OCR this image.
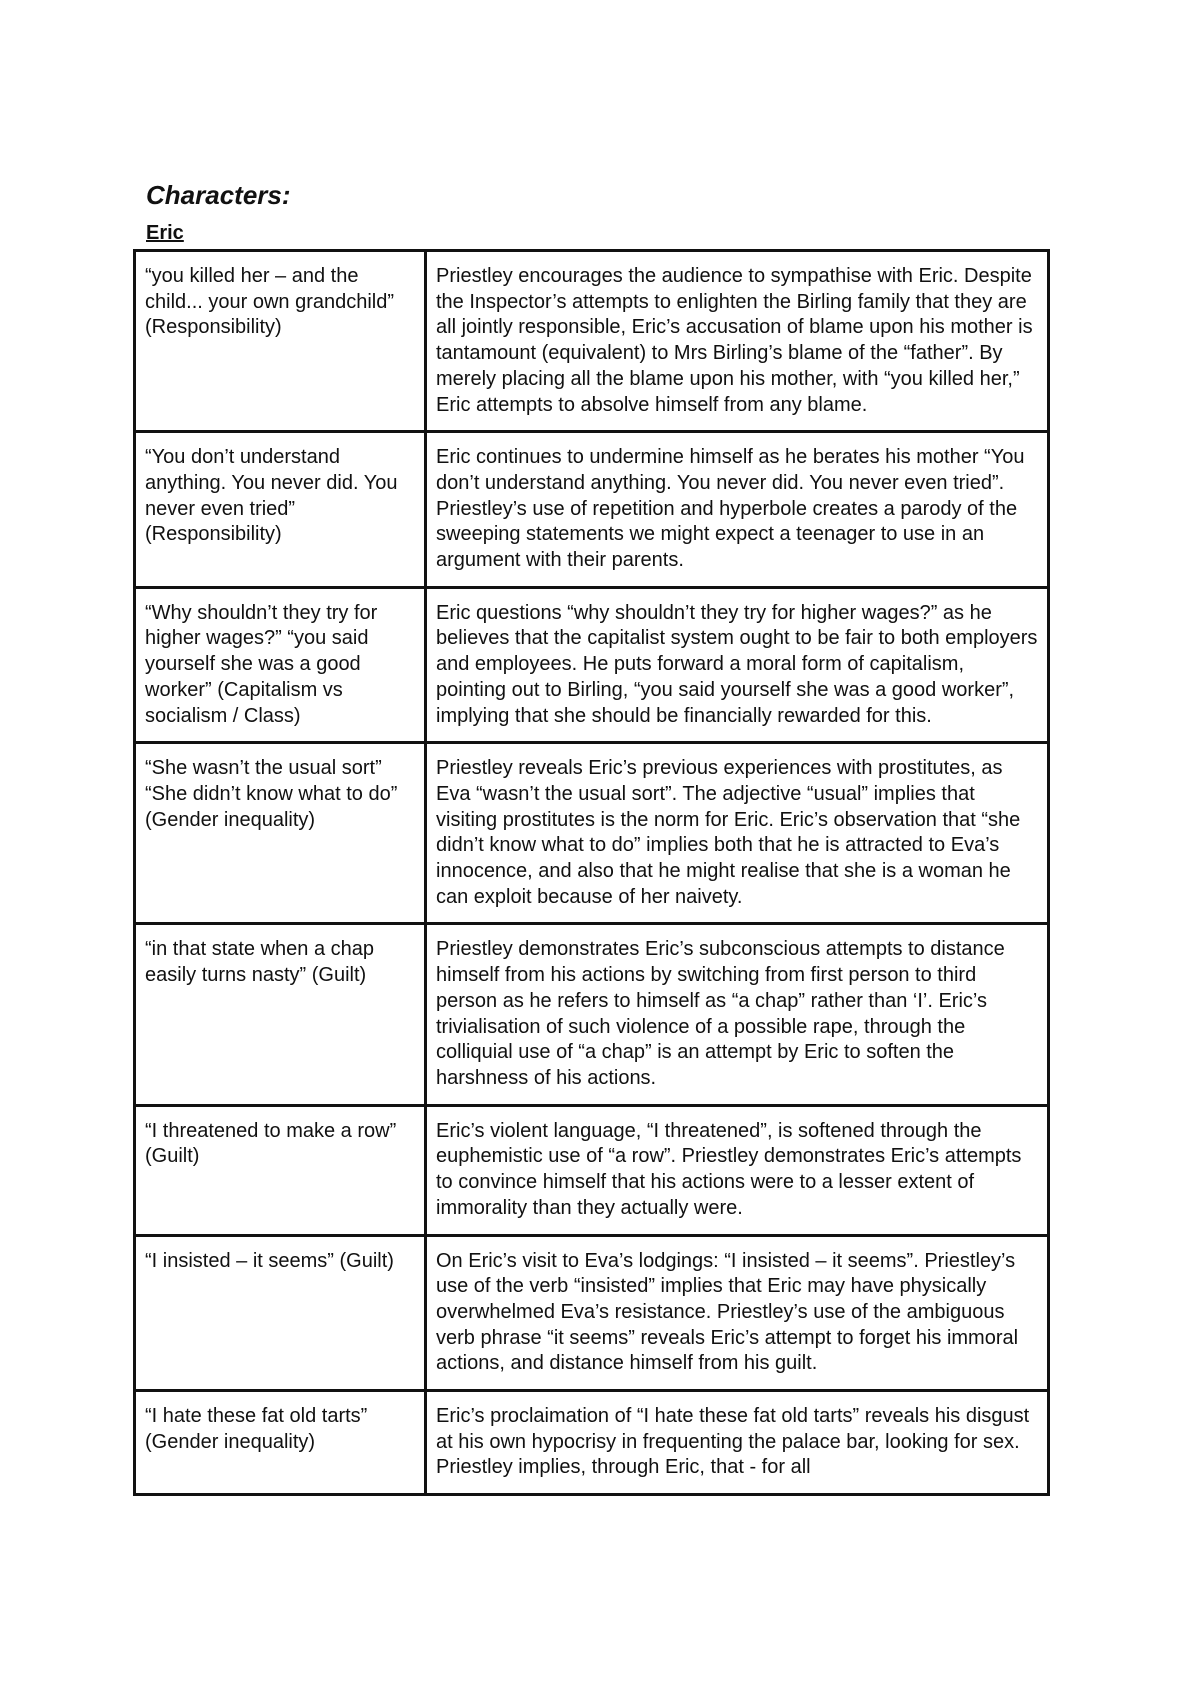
Characters:
Eric
“you killed her – and the child... your own grandchild” (Responsibility)	Priestley encourages the audience to sympathise with Eric. Despite the Inspector’s attempts to enlighten the Birling family that they are all jointly responsible, Eric’s accusation of blame upon his mother is tantamount (equivalent) to Mrs Birling’s blame of the “father”. By merely placing all the blame upon his mother, with “you killed her,” Eric attempts to absolve himself from any blame.
“You don’t understand anything. You never did. You never even tried” (Responsibility)	Eric continues to undermine himself as he berates his mother “You don’t understand anything. You never did. You never even tried”. Priestley’s use of repetition and hyperbole creates a parody of the sweeping statements we might expect a teenager to use in an argument with their parents.
“Why shouldn’t they try for higher wages?” “you said yourself she was a good worker” (Capitalism vs socialism / Class)	Eric questions “why shouldn’t they try for higher wages?” as he believes that the capitalist system ought to be fair to both employers and employees. He puts forward a moral form of capitalism, pointing out to Birling, “you said yourself she was a good worker”, implying that she should be financially rewarded for this.
“She wasn’t the usual sort” “She didn’t know what to do” (Gender inequality)	Priestley reveals Eric’s previous experiences with prostitutes, as Eva “wasn’t the usual sort”. The adjective “usual” implies that visiting prostitutes is the norm for Eric. Eric’s observation that “she didn’t know what to do” implies both that he is attracted to Eva’s innocence, and also that he might realise that she is a woman he can exploit because of her naivety.
“in that state when a chap easily turns nasty” (Guilt)	Priestley demonstrates Eric’s subconscious attempts to distance himself from his actions by switching from first person to third person as he refers to himself as “a chap” rather than ‘I’. Eric’s trivialisation of such violence of a possible rape, through the colliquial use of “a chap” is an attempt by Eric to soften the harshness of his actions.
“I threatened to make a row” (Guilt)	Eric’s violent language, “I threatened”, is softened through the euphemistic use of “a row”. Priestley demonstrates Eric’s attempts to convince himself that his actions were to a lesser extent of immorality than they actually were.
“I insisted – it seems” (Guilt)	On Eric’s visit to Eva’s lodgings: “I insisted – it seems”. Priestley’s use of the verb “insisted” implies that Eric may have physically overwhelmed Eva’s resistance. Priestley’s use of the ambiguous verb phrase “it seems” reveals Eric’s attempt to forget his immoral actions, and distance himself from his guilt.
“I hate these fat old tarts” (Gender inequality)	Eric’s proclaimation of “I hate these fat old tarts” reveals his disgust at his own hypocrisy in frequenting the palace bar, looking for sex. Priestley implies, through Eric, that - for all
